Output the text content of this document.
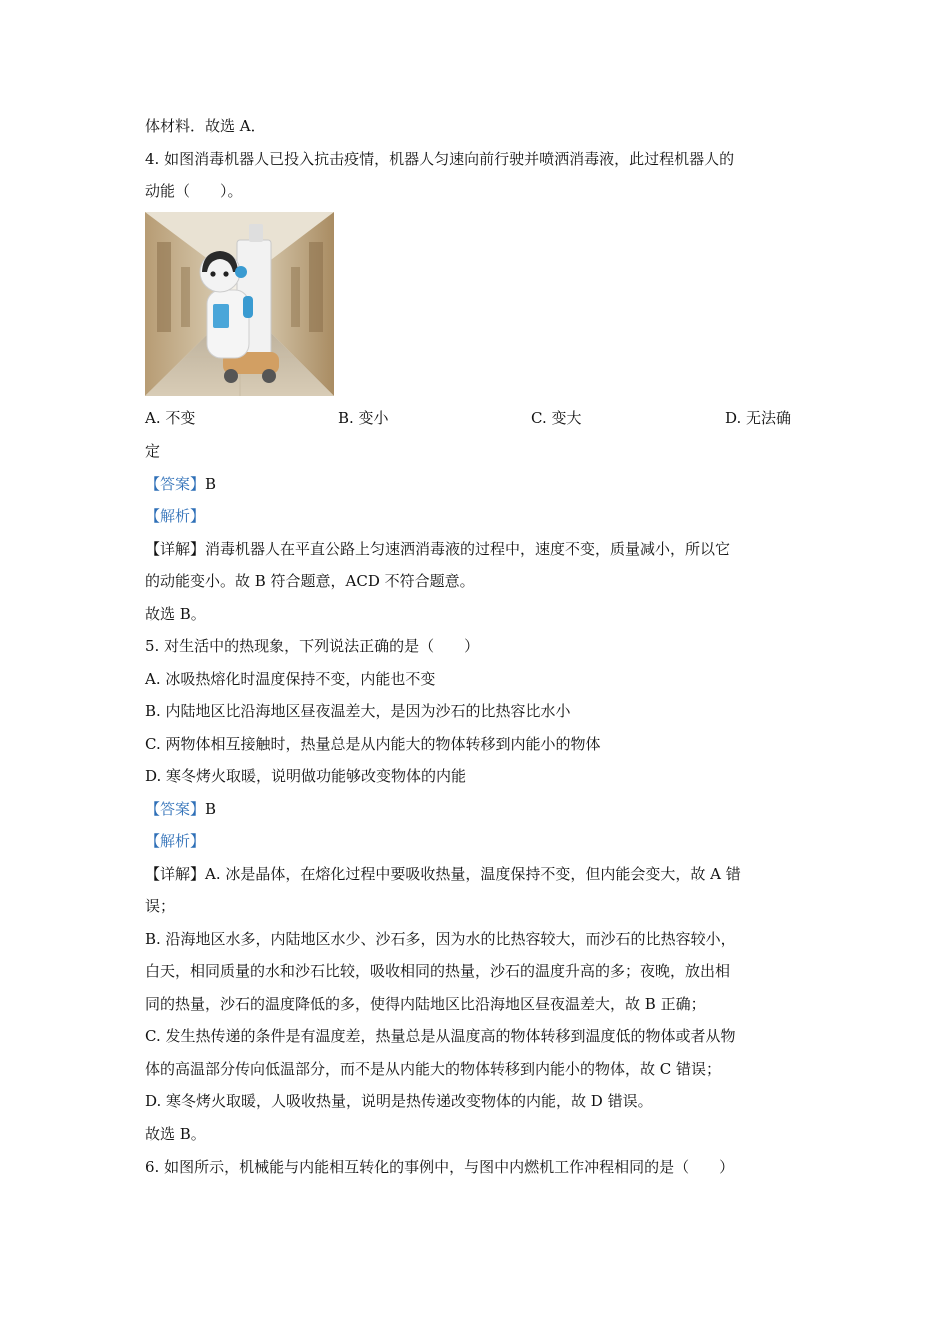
体材料．故选 A．
4. 如图消毒机器人已投入抗击疫情，机器人匀速向前行驶并喷洒消毒液，此过程机器人的
动能（　　）。
A. 不变	B. 变小	C. 变大	D. 无法确
定
【答案】B
【解析】
【详解】消毒机器人在平直公路上匀速洒消毒液的过程中，速度不变，质量减小，所以它
的动能变小。故 B 符合题意，ACD 不符合题意。
故选 B。
5. 对生活中的热现象，下列说法正确的是（　　）
A. 冰吸热熔化时温度保持不变，内能也不变
B. 内陆地区比沿海地区昼夜温差大，是因为沙石的比热容比水小
C. 两物体相互接触时，热量总是从内能大的物体转移到内能小的物体
D. 寒冬烤火取暖，说明做功能够改变物体的内能
【答案】B
【解析】
【详解】A. 冰是晶体，在熔化过程中要吸收热量，温度保持不变，但内能会变大，故 A 错
误；
B. 沿海地区水多，内陆地区水少、沙石多，因为水的比热容较大，而沙石的比热容较小，
白天，相同质量的水和沙石比较，吸收相同的热量，沙石的温度升高的多；夜晚，放出相
同的热量，沙石的温度降低的多，使得内陆地区比沿海地区昼夜温差大，故 B 正确；
C. 发生热传递的条件是有温度差，热量总是从温度高的物体转移到温度低的物体或者从物
体的高温部分传向低温部分，而不是从内能大的物体转移到内能小的物体，故 C 错误；
D. 寒冬烤火取暖，人吸收热量，说明是热传递改变物体的内能，故 D 错误。
故选 B。
6. 如图所示，机械能与内能相互转化的事例中，与图中内燃机工作冲程相同的是（　　）
